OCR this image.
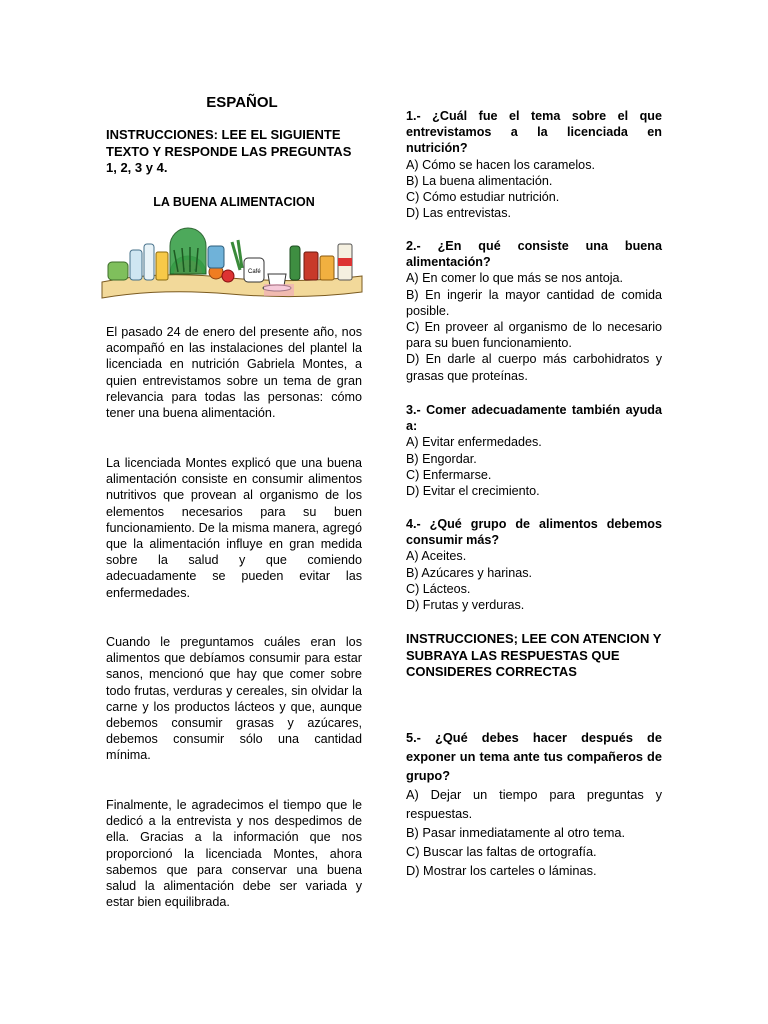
ESPAÑOL

INSTRUCCIONES: LEE EL SIGUIENTE TEXTO Y RESPONDE LAS PREGUNTAS 1, 2, 3 y 4.

LA BUENA ALIMENTACION

Café

El pasado 24 de enero del presente año, nos acompañó en las instalaciones del plantel la licenciada en nutrición Gabriela Montes, a quien entrevistamos sobre un tema de gran relevancia para todas las personas: cómo tener una buena alimentación.

La licenciada Montes explicó que una buena alimentación consiste en consumir alimentos nutritivos que provean al organismo de los elementos necesarios para su buen funcionamiento. De la misma manera, agregó que la alimentación influye en gran medida sobre la salud y que comiendo adecuadamente se pueden evitar las enfermedades.

Cuando le preguntamos cuáles eran los alimentos que debíamos consumir para estar sanos, mencionó que hay que comer sobre todo frutas, verduras y cereales, sin olvidar la carne y los productos lácteos y que, aunque debemos consumir grasas y azúcares, debemos consumir sólo una cantidad mínima.

Finalmente, le agradecimos el tiempo que le dedicó a la entrevista y nos despedimos de ella. Gracias a la información que nos proporcionó la licenciada Montes, ahora sabemos que para conservar una buena salud la alimentación debe ser variada y estar bien equilibrada.

1.- ¿Cuál fue el tema sobre el que entrevistamos a la licenciada en nutrición?
A) Cómo se hacen los caramelos.
B) La buena alimentación.
C) Cómo estudiar nutrición.
D) Las entrevistas.
2.- ¿En qué consiste una buena alimentación?
A) En comer lo que más se nos antoja.
B) En ingerir la mayor cantidad de comida posible.
C) En proveer al organismo de lo necesario para su buen funcionamiento.
D) En darle al cuerpo más carbohidratos y grasas que proteínas.
3.- Comer adecuadamente también ayuda a:
A) Evitar enfermedades.
B) Engordar.
C) Enfermarse.
D) Evitar el crecimiento.
4.- ¿Qué grupo de alimentos debemos consumir más?
A) Aceites.
B) Azúcares y harinas.
C) Lácteos.
D) Frutas y verduras.

INSTRUCCIONES; LEE CON ATENCION Y SUBRAYA LAS RESPUESTAS QUE CONSIDERES CORRECTAS

5.- ¿Qué debes hacer después de exponer un tema ante tus compañeros de grupo?
A) Dejar un tiempo para preguntas y respuestas.
B) Pasar inmediatamente al otro tema.
C) Buscar las faltas de ortografía.
D) Mostrar los carteles o láminas.
